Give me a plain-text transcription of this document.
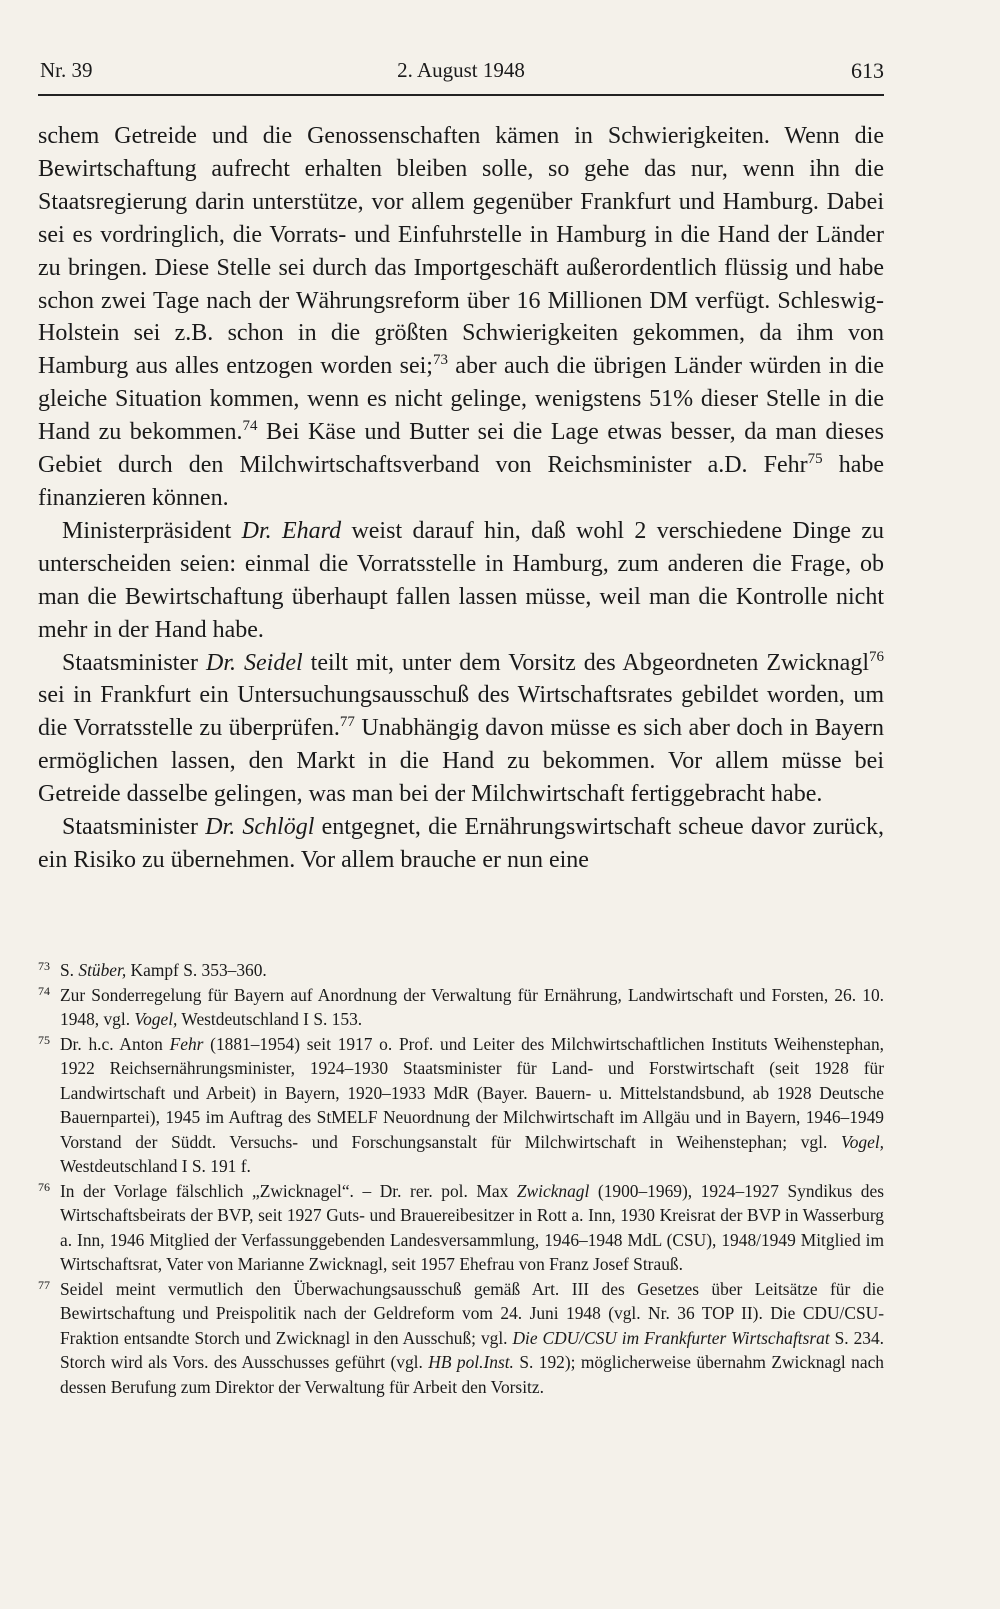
Nr. 39	2. August 1948	613

schem Getreide und die Genossenschaften kämen in Schwierigkeiten. Wenn die Bewirtschaftung aufrecht erhalten bleiben solle, so gehe das nur, wenn ihn die Staatsregierung darin unterstütze, vor allem gegenüber Frankfurt und Hamburg. Dabei sei es vordringlich, die Vorrats- und Einfuhrstelle in Hamburg in die Hand der Länder zu bringen. Diese Stelle sei durch das Importgeschäft außerordentlich flüssig und habe schon zwei Tage nach der Währungsreform über 16 Millionen DM verfügt. Schleswig-Holstein sei z.B. schon in die größten Schwierigkeiten gekommen, da ihm von Hamburg aus alles entzogen worden sei;$^{73}$ aber auch die übrigen Länder würden in die gleiche Situation kommen, wenn es nicht gelinge, wenigstens 51% dieser Stelle in die Hand zu bekommen.$^{74}$ Bei Käse und Butter sei die Lage etwas besser, da man dieses Gebiet durch den Milchwirtschaftsverband von Reichsminister a.D. Fehr$^{75}$ habe finanzieren können.

Ministerpräsident Dr. Ehard weist darauf hin, daß wohl 2 verschiedene Dinge zu unterscheiden seien: einmal die Vorratsstelle in Hamburg, zum anderen die Frage, ob man die Bewirtschaftung überhaupt fallen lassen müsse, weil man die Kontrolle nicht mehr in der Hand habe.

Staatsminister Dr. Seidel teilt mit, unter dem Vorsitz des Abgeordneten Zwicknagl$^{76}$ sei in Frankfurt ein Untersuchungsausschuß des Wirtschaftsrates gebildet worden, um die Vorratsstelle zu überprüfen.$^{77}$ Unabhängig davon müsse es sich aber doch in Bayern ermöglichen lassen, den Markt in die Hand zu bekommen. Vor allem müsse bei Getreide dasselbe gelingen, was man bei der Milchwirtschaft fertiggebracht habe.

Staatsminister Dr. Schlögl entgegnet, die Ernährungswirtschaft scheue davor zurück, ein Risiko zu übernehmen. Vor allem brauche er nun eine

73 S. Stüber, Kampf S. 353–360.

74 Zur Sonderregelung für Bayern auf Anordnung der Verwaltung für Ernährung, Landwirtschaft und Forsten, 26. 10. 1948, vgl. Vogel, Westdeutschland I S. 153.

75 Dr. h.c. Anton Fehr (1881–1954) seit 1917 o. Prof. und Leiter des Milchwirtschaftlichen Instituts Weihenstephan, 1922 Reichsernährungsminister, 1924–1930 Staatsminister für Land- und Forstwirtschaft (seit 1928 für Landwirtschaft und Arbeit) in Bayern, 1920–1933 MdR (Bayer. Bauern- u. Mittelstandsbund, ab 1928 Deutsche Bauernpartei), 1945 im Auftrag des StMELF Neuordnung der Milchwirtschaft im Allgäu und in Bayern, 1946–1949 Vorstand der Süddt. Versuchs- und Forschungsanstalt für Milchwirtschaft in Weihenstephan; vgl. Vogel, Westdeutschland I S. 191 f.

76 In der Vorlage fälschlich „Zwicknagel“. – Dr. rer. pol. Max Zwicknagl (1900–1969), 1924–1927 Syndikus des Wirtschaftsbeirats der BVP, seit 1927 Guts- und Brauereibesitzer in Rott a. Inn, 1930 Kreisrat der BVP in Wasserburg a. Inn, 1946 Mitglied der Verfassunggebenden Landesversammlung, 1946–1948 MdL (CSU), 1948/1949 Mitglied im Wirtschaftsrat, Vater von Marianne Zwicknagl, seit 1957 Ehefrau von Franz Josef Strauß.

77 Seidel meint vermutlich den Überwachungsausschuß gemäß Art. III des Gesetzes über Leitsätze für die Bewirtschaftung und Preispolitik nach der Geldreform vom 24. Juni 1948 (vgl. Nr. 36 TOP II). Die CDU/CSU-Fraktion entsandte Storch und Zwicknagl in den Ausschuß; vgl. Die CDU/CSU im Frankfurter Wirtschaftsrat S. 234. Storch wird als Vors. des Ausschusses geführt (vgl. HB pol.Inst. S. 192); möglicherweise übernahm Zwicknagl nach dessen Berufung zum Direktor der Verwaltung für Arbeit den Vorsitz.
